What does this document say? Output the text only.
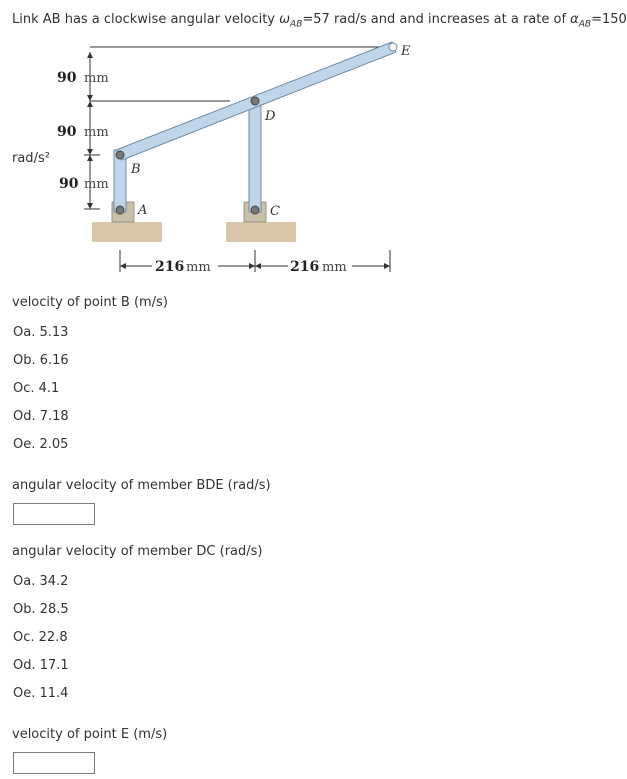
Link AB has a clockwise angular velocity $\omega_{AB}=57$ rad/s and and increases at a rate of $\alpha_{AB}=150$
rad/s²
90 mm
90 mm
90 mm
A
B
C
D
E
216 mm	216 mm
velocity of point B (m/s)
Oa. 5.13
Ob. 6.16
Oc. 4.1
Od. 7.18
Oe. 2.05
angular velocity of member BDE (rad/s)
angular velocity of member DC (rad/s)
Oa. 34.2
Ob. 28.5
Oc. 22.8
Od. 17.1
Oe. 11.4
velocity of point E (m/s)
